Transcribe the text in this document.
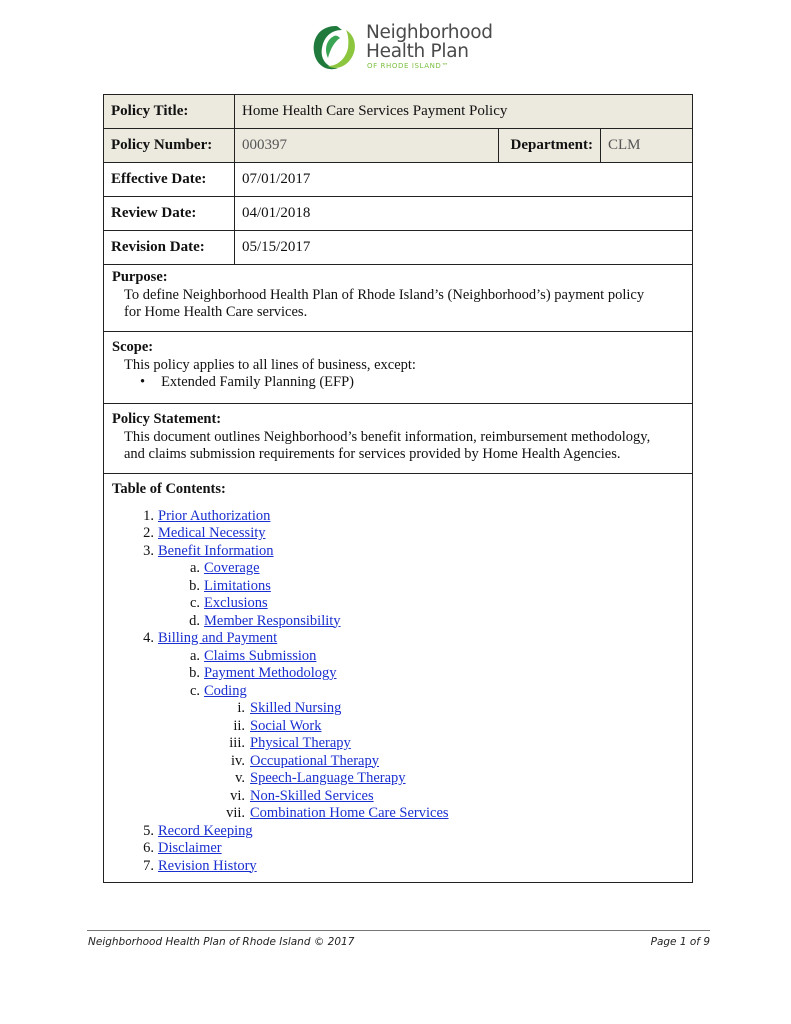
Neighborhood
Health Plan
OF RHODE ISLAND™
Policy Title:	Home Health Care Services Payment Policy		
Policy Number:	000397	Department:	CLM
Effective Date:	07/01/2017		
Review Date:	04/01/2018		
Revision Date:	05/15/2017		
Purpose:

To define Neighborhood Health Plan of Rhode Island’s (Neighborhood’s) payment policy

for Home Health Care services.

Scope:

This policy applies to all lines of business, except:

• Extended Family Planning (EFP)

Policy Statement:

This document outlines Neighborhood’s benefit information, reimbursement methodology,

and claims submission requirements for services provided by Home Health Agencies.

Table of Contents:
1. Prior Authorization
2. Medical Necessity
3. Benefit Information
a. Coverage
b. Limitations
c. Exclusions
d. Member Responsibility
4. Billing and Payment
a. Claims Submission
b. Payment Methodology
c. Coding
i. Skilled Nursing
ii. Social Work
iii. Physical Therapy
iv. Occupational Therapy
v. Speech-Language Therapy
vi. Non-Skilled Services
vii. Combination Home Care Services
5. Record Keeping
6. Disclaimer
7. Revision History
Neighborhood Health Plan of Rhode Island © 2017	Page 1 of 9
